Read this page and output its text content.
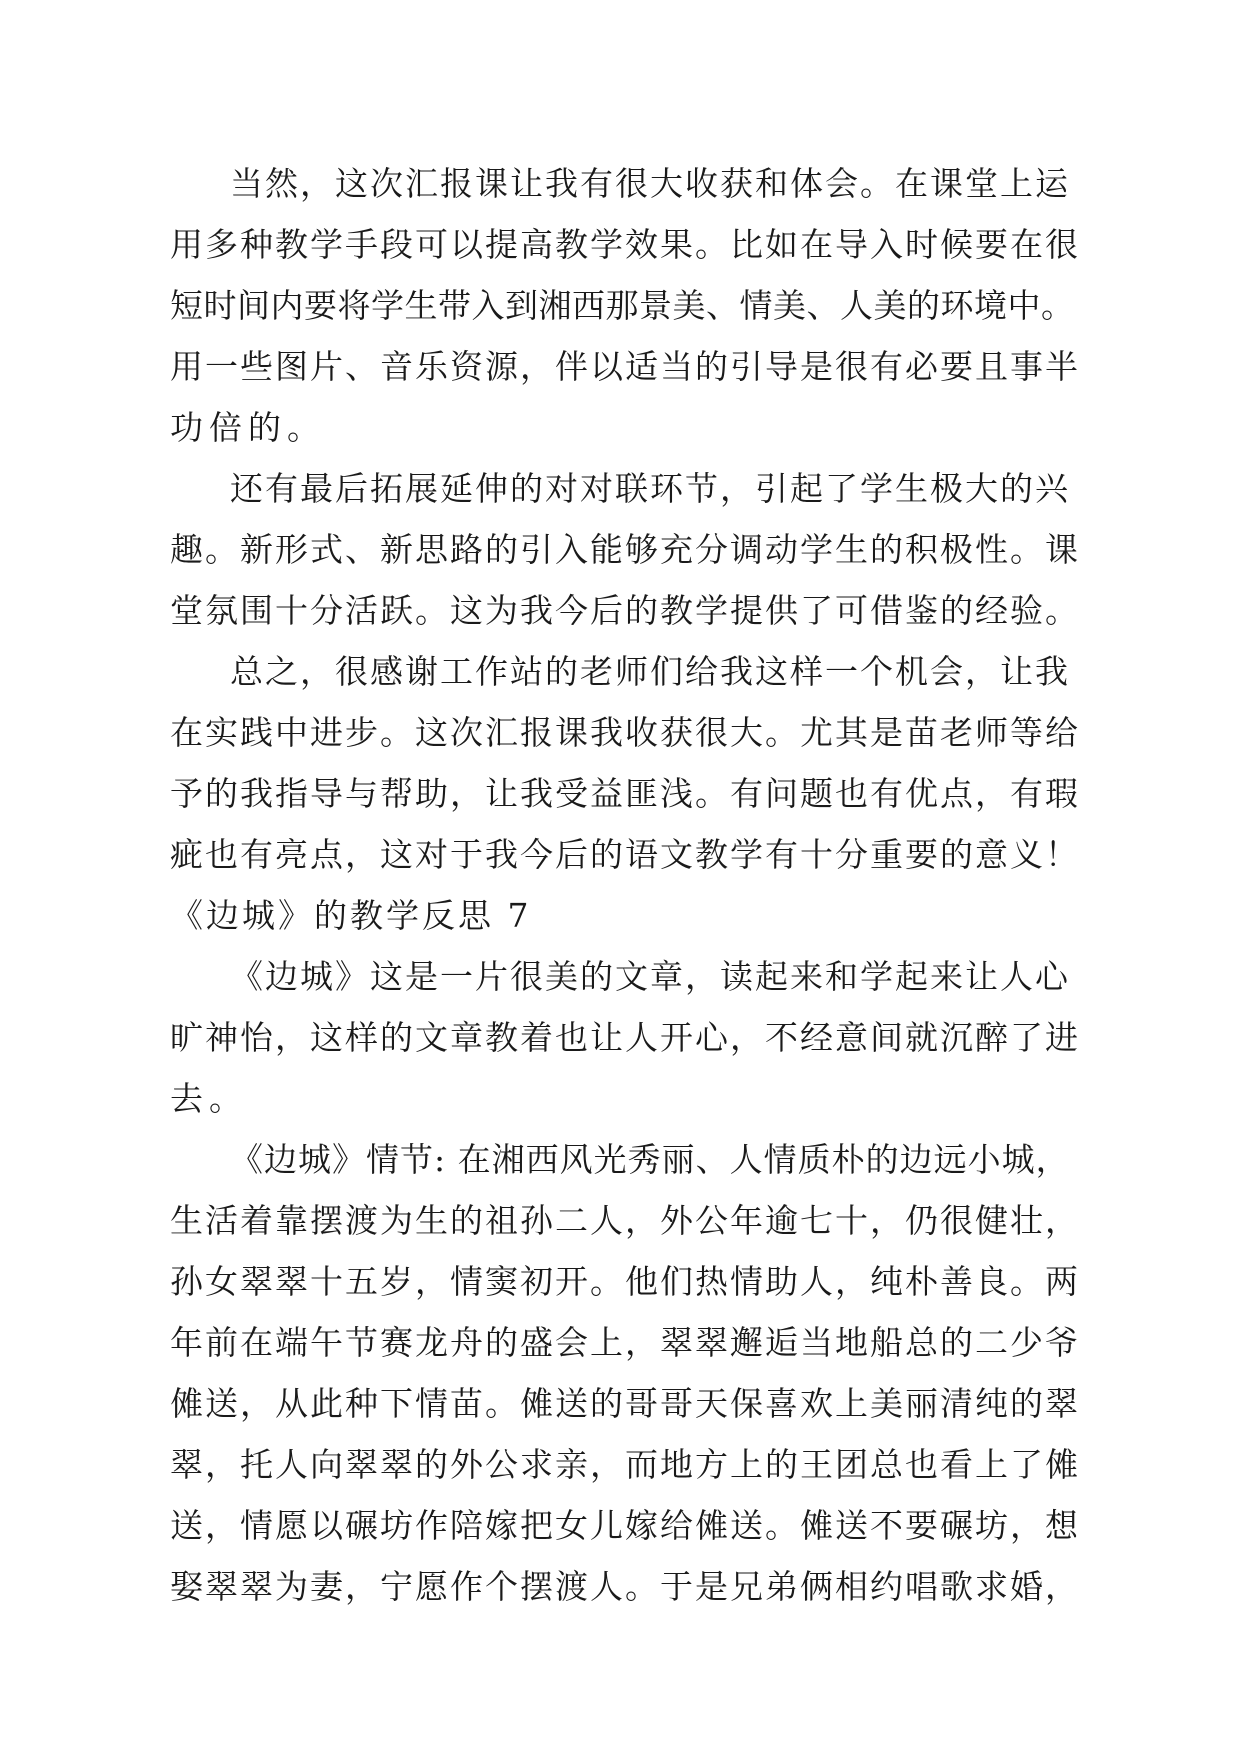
当然，这次汇报课让我有很大收获和体会。在课堂上运

用多种教学手段可以提高教学效果。比如在导入时候要在很

短时间内要将学生带入到湘西那景美、情美、人美的环境中。

用一些图片、音乐资源，伴以适当的引导是很有必要且事半

功倍的。

还有最后拓展延伸的对对联环节，引起了学生极大的兴

趣。新形式、新思路的引入能够充分调动学生的积极性。课

堂氛围十分活跃。这为我今后的教学提供了可借鉴的经验。

总之，很感谢工作站的老师们给我这样一个机会，让我

在实践中进步。这次汇报课我收获很大。尤其是苗老师等给

予的我指导与帮助，让我受益匪浅。有问题也有优点，有瑕

疵也有亮点，这对于我今后的语文教学有十分重要的意义！

《边城》的教学反思 7

《边城》这是一片很美的文章，读起来和学起来让人心

旷神怡，这样的文章教着也让人开心，不经意间就沉醉了进

去。

《边城》情节: 在湘西风光秀丽、人情质朴的边远小城，

生活着靠摆渡为生的祖孙二人，外公年逾七十，仍很健壮，

孙女翠翠十五岁，情窦初开。他们热情助人，纯朴善良。两

年前在端午节赛龙舟的盛会上，翠翠邂逅当地船总的二少爷

傩送，从此种下情苗。傩送的哥哥天保喜欢上美丽清纯的翠

翠，托人向翠翠的外公求亲，而地方上的王团总也看上了傩

送，情愿以碾坊作陪嫁把女儿嫁给傩送。傩送不要碾坊，想

娶翠翠为妻，宁愿作个摆渡人。于是兄弟俩相约唱歌求婚，
